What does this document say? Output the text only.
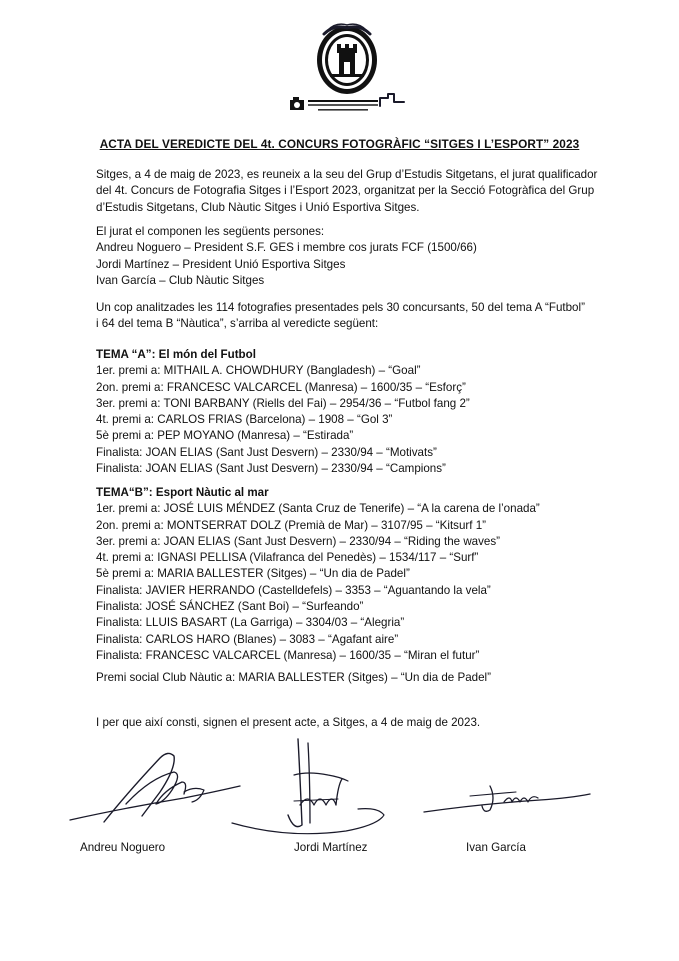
ACTA DEL VEREDICTE DEL 4t. CONCURS FOTOGRÀFIC “SITGES I L’ESPORT” 2023

Sitges, a 4 de maig de 2023, es reuneix a la seu del Grup d’Estudis Sitgetans, el jurat qualificador
del 4t. Concurs de Fotografia Sitges i l’Esport 2023, organitzat per la Secció Fotogràfica del Grup
d’Estudis Sitgetans, Club Nàutic Sitges i Unió Esportiva Sitges.

El jurat el componen les següents persones:
Andreu Noguero – President S.F. GES i membre cos jurats FCF (1500/66)
Jordi Martínez – President Unió Esportiva Sitges
Ivan García – Club Nàutic Sitges

Un cop analitzades les 114 fotografies presentades pels 30 concursants, 50 del tema A “Futbol”
i 64 del tema B “Nàutica”, s’arriba al veredicte següent:

TEMA “A”: El món del Futbol
1er. premi a: MITHAIL A. CHOWDHURY (Bangladesh) – “Goal”
2on. premi a: FRANCESC VALCARCEL (Manresa) – 1600/35 – “Esforç”
3er. premi a: TONI BARBANY (Riells del Fai) – 2954/36 – “Futbol fang 2”
4t. premi a: CARLOS FRIAS (Barcelona) – 1908 – “Gol 3”
5è premi a: PEP MOYANO (Manresa) – “Estirada”
Finalista: JOAN ELIAS (Sant Just Desvern) – 2330/94 – “Motivats”
Finalista: JOAN ELIAS (Sant Just Desvern) – 2330/94 – “Campions”

TEMA“B”: Esport Nàutic al mar
1er. premi a: JOSÉ LUIS MÉNDEZ (Santa Cruz de Tenerife) – “A la carena de l’onada”
2on. premi a: MONTSERRAT DOLZ (Premià de Mar) – 3107/95 – “Kitsurf 1”
3er. premi a: JOAN ELIAS (Sant Just Desvern) – 2330/94 – “Riding the waves”
4t. premi a: IGNASI PELLISA (Vilafranca del Penedès) – 1534/117 – “Surf”
5è premi a: MARIA BALLESTER (Sitges) – “Un dia de Padel”
Finalista: JAVIER HERRANDO (Castelldefels) – 3353 – “Aguantando la vela”
Finalista: JOSÉ SÁNCHEZ (Sant Boi) – “Surfeando”
Finalista: LLUIS BASART (La Garriga) – 3304/03 – “Alegria”
Finalista: CARLOS HARO (Blanes) – 3083 – “Agafant aire”
Finalista: FRANCESC VALCARCEL (Manresa) – 1600/35 – “Miran el futur”

Premi social Club Nàutic a: MARIA BALLESTER (Sitges) – “Un dia de Padel”

I per que així consti, signen el present acte, a Sitges, a 4 de maig de 2023.

Andreu Noguero	Jordi Martínez	Ivan García
